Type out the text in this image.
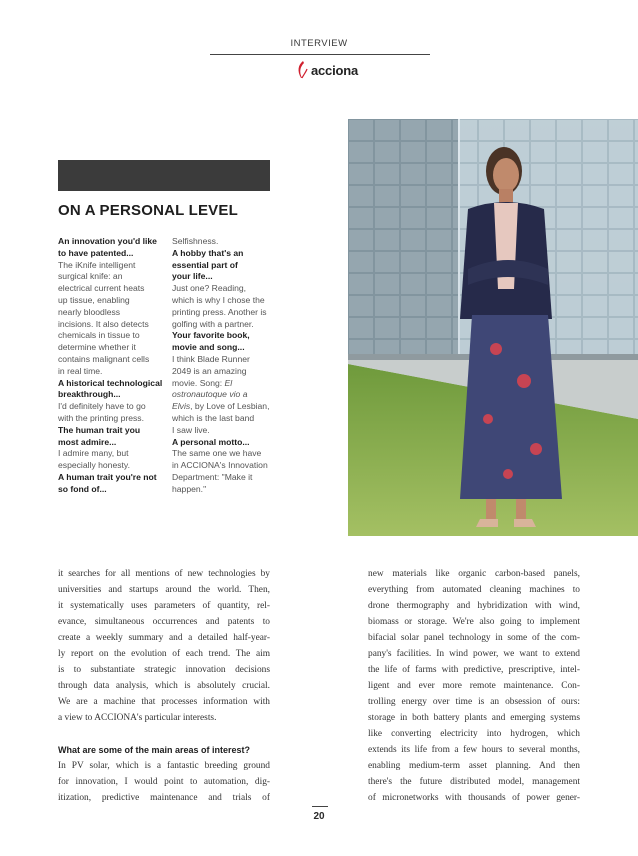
INTERVIEW
acciona
ON A PERSONAL LEVEL
An innovation you'd like
to have patented...
The iKnife intelligent
surgical knife: an
electrical current heats
up tissue, enabling
nearly bloodless
incisions. It also detects
chemicals in tissue to
determine whether it
contains malignant cells
in real time.
A historical technological
breakthrough...
I'd definitely have to go
with the printing press.
The human trait you
most admire...
I admire many, but
especially honesty.
A human trait you're not
so fond of...
Selfishness.
A hobby that's an
essential part of
your life...
Just one? Reading,
which is why I chose the
printing press. Another is
golfing with a partner.
Your favorite book,
movie and song...
I think Blade Runner
2049 is an amazing
movie. Song: El
ostronautoque vio a
Elvis, by Love of Lesbian,
which is the last band
I saw live.
A personal motto...
The same one we have
in ACCIONA's Innovation
Department: "Make it
happen."
it searches for all mentions of new technologies by
universities and startups around the world. Then,
it systematically uses parameters of quantity, rel-
evance, simultaneous occurrences and patents to
create a weekly summary and a detailed half-year-
ly report on the evolution of each trend. The aim
is to substantiate strategic innovation decisions
through data analysis, which is absolutely crucial.
We are a machine that processes information with
a view to ACCIONA's particular interests.
What are some of the main areas of interest?
In PV solar, which is a fantastic breeding ground
for innovation, I would point to automation, dig-
itization, predictive maintenance and trials of
new materials like organic carbon-based panels,
everything from automated cleaning machines to
drone thermography and hybridization with wind,
biomass or storage. We're also going to implement
bifacial solar panel technology in some of the com-
pany's facilities. In wind power, we want to extend
the life of farms with predictive, prescriptive, intel-
ligent and ever more remote maintenance. Con-
trolling energy over time is an obsession of ours:
storage in both battery plants and emerging systems
like converting electricity into hydrogen, which
extends its life from a few hours to several months,
enabling medium-term asset planning. And then
there's the future distributed model, management
of micronetworks with thousands of power gener-
20
